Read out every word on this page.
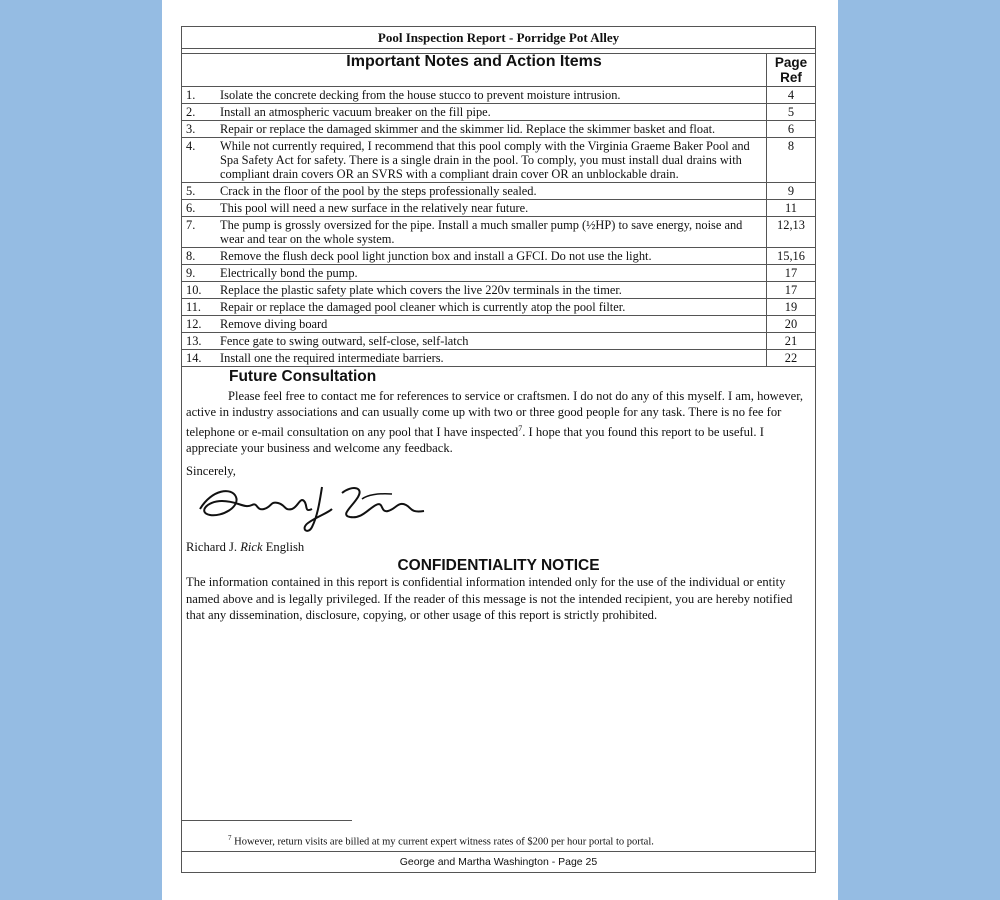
Pool Inspection Report - Porridge Pot Alley
Important Notes and Action Items		Page
Ref
1.	Isolate the concrete decking from the house stucco to prevent moisture intrusion.	4
2.	Install an atmospheric vacuum breaker on the fill pipe.	5
3.	Repair or replace the damaged skimmer and the skimmer lid. Replace the skimmer basket and float.	6
4.	While not currently required, I recommend that this pool comply with the Virginia Graeme Baker Pool and Spa Safety Act for safety. There is a single drain in the pool. To comply, you must install dual drains with compliant drain covers OR an SVRS with a compliant drain cover OR an unblockable drain.	8
5.	Crack in the floor of the pool by the steps professionally sealed.	9
6.	This pool will need a new surface in the relatively near future.	11
7.	The pump is grossly oversized for the pipe. Install a much smaller pump (½HP) to save energy, noise and wear and tear on the whole system.	12,13
8.	Remove the flush deck pool light junction box and install a GFCI. Do not use the light.	15,16
9.	Electrically bond the pump.	17
10.	Replace the plastic safety plate which covers the live 220v terminals in the timer.	17
11.	Repair or replace the damaged pool cleaner which is currently atop the pool filter.	19
12.	Remove diving board	20
13.	Fence gate to swing outward, self-close, self-latch	21
14.	Install one the required intermediate barriers.	22
Future Consultation

Please feel free to contact me for references to service or craftsmen. I do not do any of this myself. I am, however, active in industry associations and can usually come up with two or three good people for any task. There is no fee for telephone or e-mail consultation on any pool that I have inspected$^7$. I hope that you found this report to be useful. I appreciate your business and welcome any feedback.

Sincerely,
Richard J. Rick English
CONFIDENTIALITY NOTICE

The information contained in this report is confidential information intended only for the use of the individual or entity named above and is legally privileged. If the reader of this message is not the intended recipient, you are hereby notified that any dissemination, disclosure, copying, or other usage of this report is strictly prohibited.

$^7$ However, return visits are billed at my current expert witness rates of $200 per hour portal to portal.
George and Martha Washington - Page 25
